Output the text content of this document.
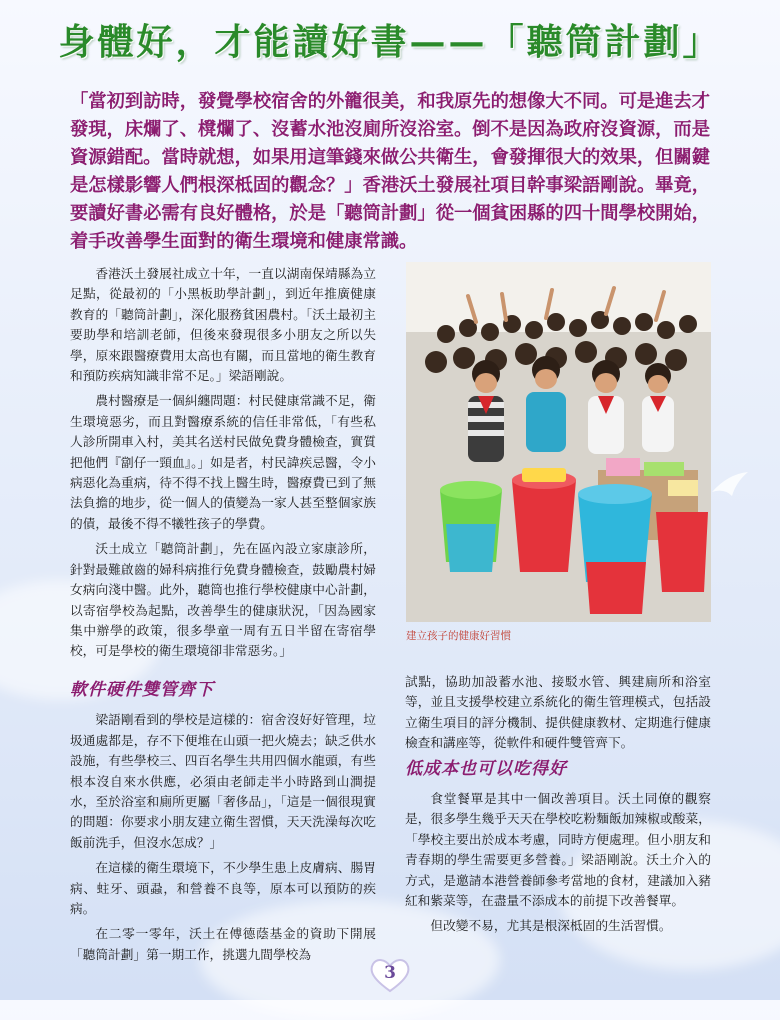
身體好，才能讀好書——「聽筒計劃」
「當初到訪時，發覺學校宿舍的外籠很美，和我原先的想像大不同。可是進去才發現，床爛了、櫈爛了、沒蓄水池沒廁所沒浴室。倒不是因為政府沒資源，而是資源錯配。當時就想，如果用這筆錢來做公共衛生，會發揮很大的效果，但關鍵是怎樣影響人們根深柢固的觀念？」香港沃土發展社項目幹事梁語剛說。畢竟，要讀好書必需有良好體格，於是「聽筒計劃」從一個貧困縣的四十間學校開始，着手改善學生面對的衛生環境和健康常識。

香港沃土發展社成立十年，一直以湖南保靖縣為立足點，從最初的「小黑板助學計劃」，到近年推廣健康教育的「聽筒計劃」，深化服務貧困農村。「沃土最初主要助學和培訓老師，但後來發現很多小朋友之所以失學，原來跟醫療費用太高也有關，而且當地的衛生教育和預防疾病知識非常不足。」梁語剛說。

農村醫療是一個糾纏問題：村民健康常識不足，衛生環境惡劣，而且對醫療系統的信任非常低，「有些私人診所開車入村，美其名送村民做免費身體檢查，實質把他們『劏仔一頸血』。」如是者，村民諱疾忌醫，令小病惡化為重病，待不得不找上醫生時，醫療費已到了無法負擔的地步，從一個人的債變為一家人甚至整個家族的債，最後不得不犧牲孩子的學費。

沃土成立「聽筒計劃」，先在區內設立家康診所，針對最難啟齒的婦科病推行免費身體檢查，鼓勵農村婦女病向淺中醫。此外，聽筒也推行學校健康中心計劃，以寄宿學校為起點，改善學生的健康狀況，「因為國家集中辦學的政策，很多學童一周有五日半留在寄宿學校，可是學校的衛生環境卻非常惡劣。」

軟件硬件雙管齊下

梁語剛看到的學校是這樣的：宿舍沒好好管理，垃圾通處都是，存不下便堆在山頭一把火燒去；缺乏供水設施，有些學校三、四百名學生共用四個水龍頭，有些根本沒自來水供應，必須由老師走半小時路到山澗提水，至於浴室和廁所更屬「奢侈品」，「這是一個很現實的問題：你要求小朋友建立衛生習慣，天天洗澡每次吃飯前洗手，但沒水怎成？」

在這樣的衛生環境下，不少學生患上皮膚病、腸胃病、蛀牙、頭蝨，和營養不良等，原本可以預防的疾病。

在二零一零年，沃土在傅德蔭基金的資助下開展「聽筒計劃」第一期工作，挑選九間學校為

建立孩子的健康好習慣

試點，協助加設蓄水池、接駁水管、興建廁所和浴室等，並且支援學校建立系統化的衛生管理模式，包括設立衛生項目的評分機制、提供健康教材、定期進行健康檢查和講座等，從軟件和硬件雙管齊下。

低成本也可以吃得好

食堂餐單是其中一個改善項目。沃土同僚的觀察是，很多學生幾乎天天在學校吃粉麵飯加辣椒或酸菜，「學校主要出於成本考慮，同時方便處理。但小朋友和青春期的學生需要更多營養。」梁語剛說。沃土介入的方式，是邀請本港營養師參考當地的食材，建議加入豬紅和紫菜等，在盡量不添成本的前提下改善餐單。

但改變不易，尤其是根深柢固的生活習慣。

3
